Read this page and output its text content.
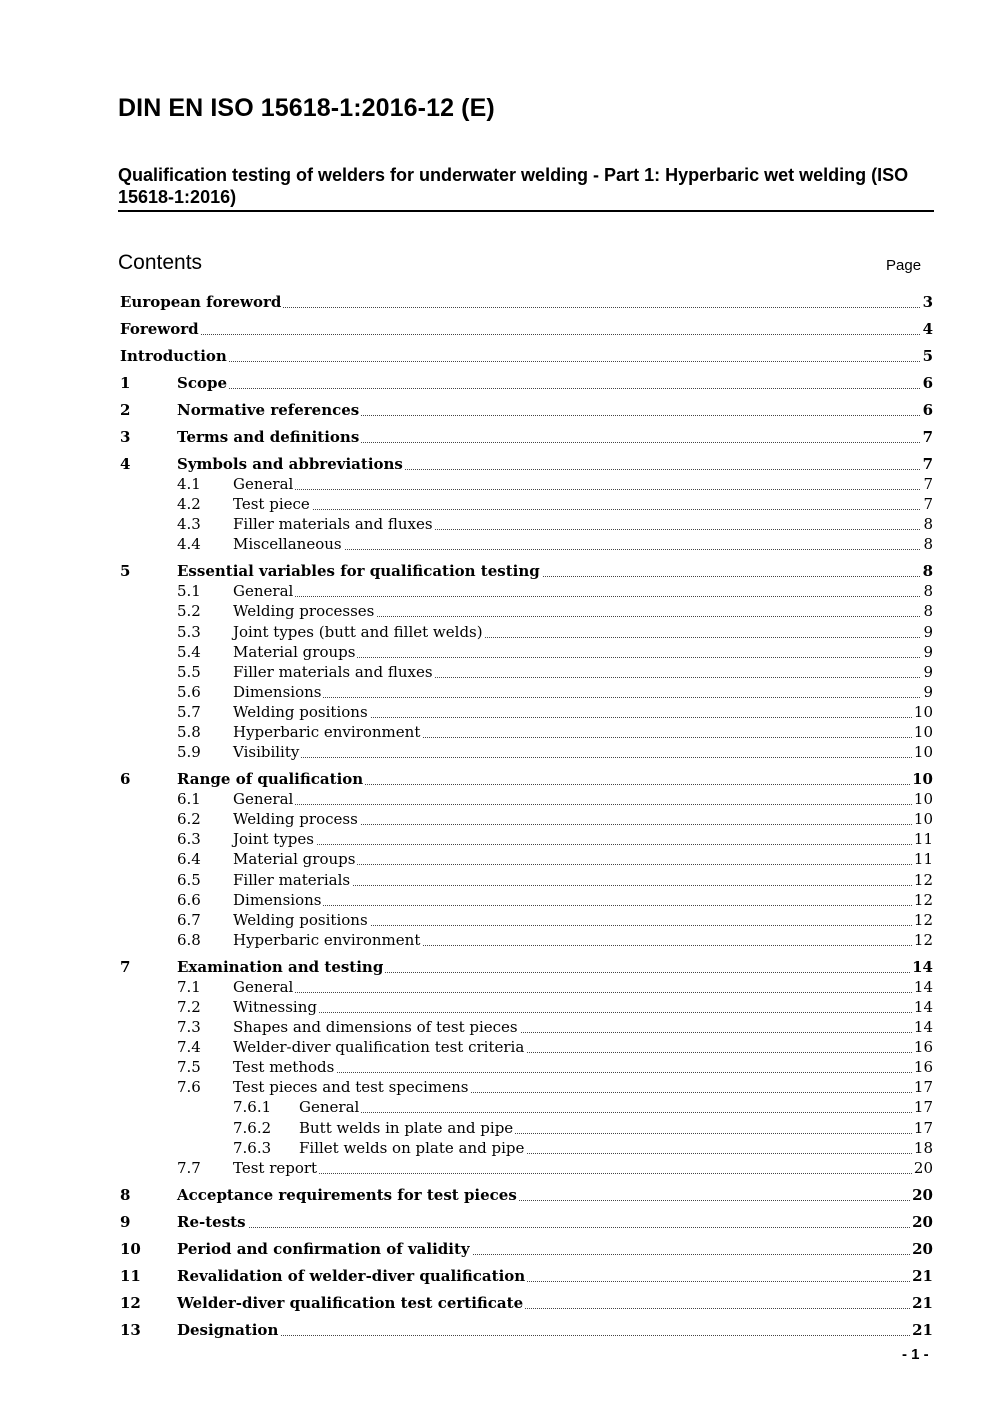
DIN EN ISO 15618-1:2016-12 (E)
Qualification testing of welders for underwater welding - Part 1: Hyperbaric wet welding (ISO 15618-1:2016)
Contents	Page
European foreword	3
Foreword	4
Introduction	5
1	Scope	6
2	Normative references	6
3	Terms and definitions	7
4	Symbols and abbreviations	7
4.1 General	7
4.2 Test piece	7
4.3 Filler materials and fluxes	8
4.4 Miscellaneous	8
5	Essential variables for qualification testing	8
5.1 General	8
5.2 Welding processes	8
5.3 Joint types (butt and fillet welds)	9
5.4 Material groups	9
5.5 Filler materials and fluxes	9
5.6 Dimensions	9
5.7 Welding positions	10
5.8 Hyperbaric environment	10
5.9 Visibility	10
6	Range of qualification	10
6.1 General	10
6.2 Welding process	10
6.3 Joint types	11
6.4 Material groups	11
6.5 Filler materials	12
6.6 Dimensions	12
6.7 Welding positions	12
6.8 Hyperbaric environment	12
7	Examination and testing	14
7.1 General	14
7.2 Witnessing	14
7.3 Shapes and dimensions of test pieces	14
7.4 Welder-diver qualification test criteria	16
7.5 Test methods	16
7.6 Test pieces and test specimens	17
7.6.1 General	17
7.6.2 Butt welds in plate and pipe	17
7.6.3 Fillet welds on plate and pipe	18
7.7 Test report	20
8	Acceptance requirements for test pieces	20
9	Re-tests	20
10 Period and confirmation of validity	20
11 Revalidation of welder-diver qualification	21
12 Welder-diver qualification test certificate	21
13 Designation	21
- 1 -
